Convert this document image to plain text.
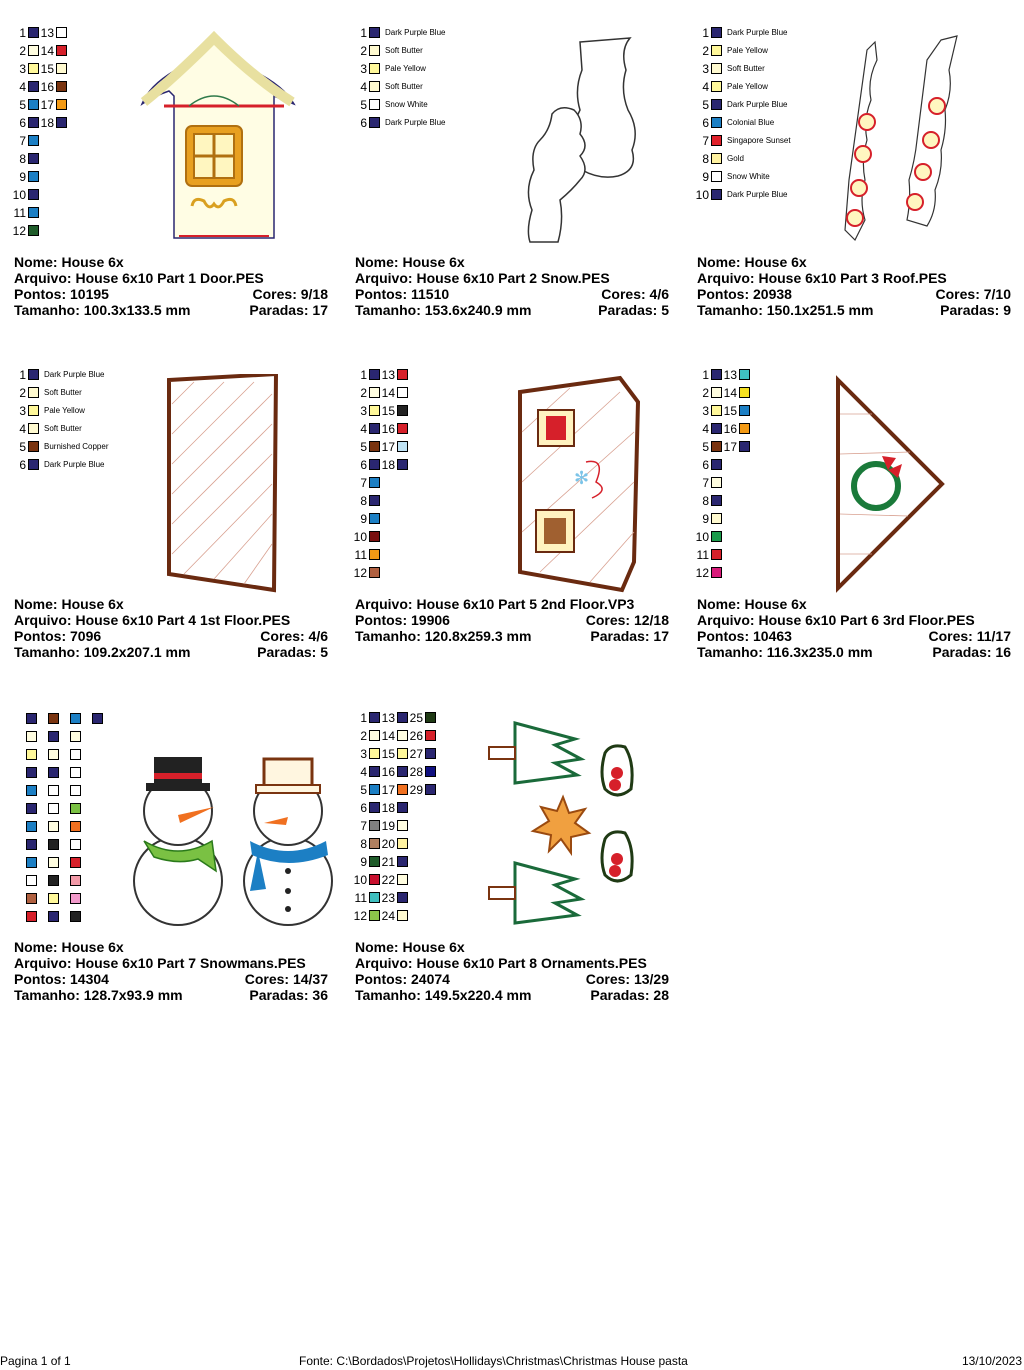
1
2
3
4
5
6
7
8
9
10
11
12
13
14
15
16
17
18
Nome: House 6x
Arquivo: House 6x10 Part 1 Door.PES
Pontos: 10195	Cores: 9/18
Tamanho: 100.3x133.5 mm	Paradas: 17
1 Dark Purple Blue
2 Soft Butter
3 Pale Yellow
4 Soft Butter
5 Snow White
6 Dark Purple Blue
Nome: House 6x
Arquivo: House 6x10 Part 2 Snow.PES
Pontos: 11510	Cores: 4/6
Tamanho: 153.6x240.9 mm	Paradas: 5
1 Dark Purple Blue
2 Pale Yellow
3 Soft Butter
4 Pale Yellow
5 Dark Purple Blue
6 Colonial Blue
7 Singapore Sunset
8 Gold
9 Snow White
10 Dark Purple Blue
Nome: House 6x
Arquivo: House 6x10 Part 3 Roof.PES
Pontos: 20938	Cores: 7/10
Tamanho: 150.1x251.5 mm	Paradas: 9
1 Dark Purple Blue
2 Soft Butter
3 Pale Yellow
4 Soft Butter
5 Burnished Copper
6 Dark Purple Blue
Nome: House 6x
Arquivo: House 6x10 Part 4 1st Floor.PES
Pontos: 7096	Cores: 4/6
Tamanho: 109.2x207.1 mm	Paradas: 5
1
2
3
4
5
6
7
8
9
10
11
12
13
14
15
16
17
18
✻
Arquivo: House 6x10 Part 5 2nd Floor.VP3
Pontos: 19906	Cores: 12/18
Tamanho: 120.8x259.3 mm	Paradas: 17
1
2
3
4
5
6
7
8
9
10
11
12
13
14
15
16
17
Nome: House 6x
Arquivo: House 6x10 Part 6 3rd Floor.PES
Pontos: 10463	Cores: 11/17
Tamanho: 116.3x235.0 mm	Paradas: 16
Nome: House 6x
Arquivo: House 6x10 Part 7 Snowmans.PES
Pontos: 14304	Cores: 14/37
Tamanho: 128.7x93.9 mm	Paradas: 36
1
2
3
4
5
6
7
8
9
10
11
12
13
14
15
16
17
18
19
20
21
22
23
24
25
26
27
28
29
Nome: House 6x
Arquivo: House 6x10 Part 8 Ornaments.PES
Pontos: 24074	Cores: 13/29
Tamanho: 149.5x220.4 mm	Paradas: 28
Pagina 1 of 1	Fonte: C:\Bordados\Projetos\Hollidays\Christmas\Christmas House pasta	13/10/2023
